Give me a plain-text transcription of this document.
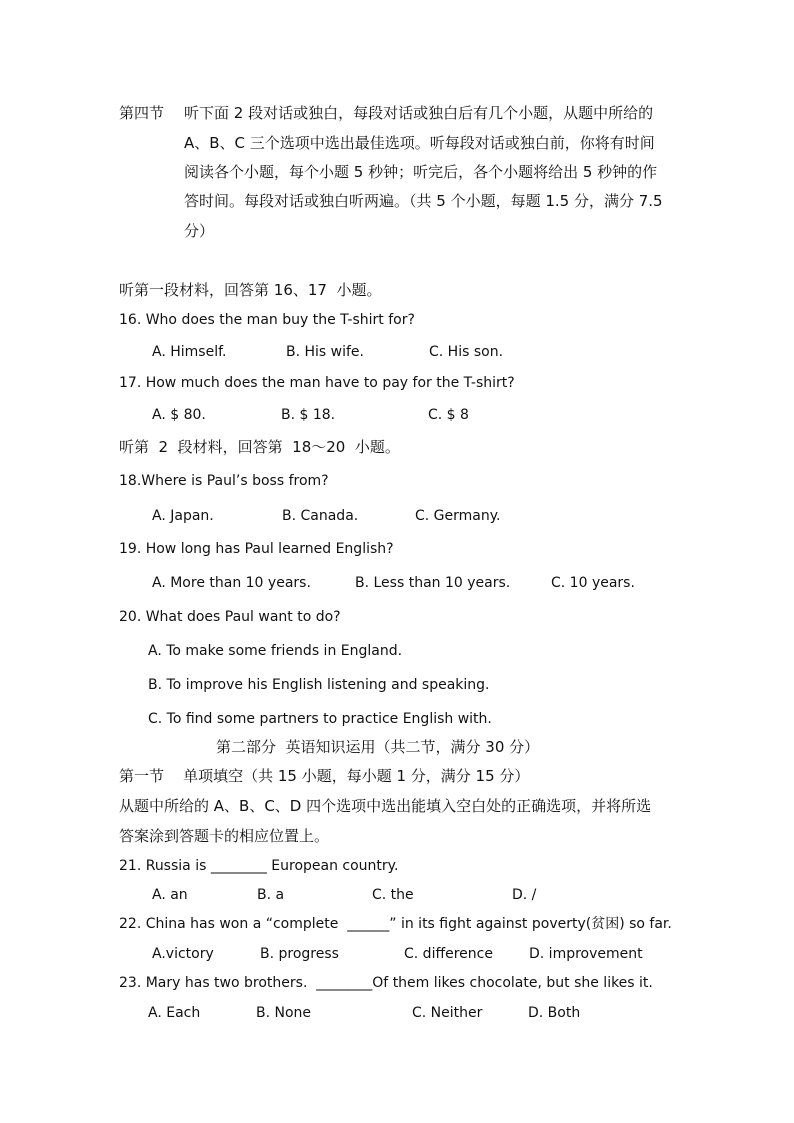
第四节 听下面 2 段对话或独白，每段对话或独白后有几个小题，从题中所给的
A、B、C 三个选项中选出最佳选项。听每段对话或独白前，你将有时间
阅读各个小题，每个小题 5 秒钟；听完后，各个小题将给出 5 秒钟的作
答时间。每段对话或独白听两遍。（共 5 个小题，每题 1.5 分，满分 7.5
分）
听第一段材料，回答第 16、17  小题。
16. Who does the man buy the T-shirt for?
A. Himself.	B. His wife.	C. His son.
17. How much does the man have to pay for the T-shirt?
A. $ 80.	B. $ 18.	C. $ 8
听第  2  段材料，回答第  18～20  小题。
18.Where is Paul’s boss from?
A. Japan.	B. Canada.	C. Germany.
19. How long has Paul learned English?
A. More than 10 years.	B. Less than 10 years.	C. 10 years.
20. What does Paul want to do?
A. To make some friends in England.
B. To improve his English listening and speaking.
C. To find some partners to practice English with.
第二部分  英语知识运用（共二节，满分 30 分）
第一节    单项填空（共 15 小题，每小题 1 分，满分 15 分）
从题中所给的 A、B、C、D 四个选项中选出能填入空白处的正确选项，并将所选
答案涂到答题卡的相应位置上。
21. Russia is ________ European country.
A. an	B. a	C. the	D. /
22. China has won a “complete  ______” in its fight against poverty(贫困) so far.
A.victory	B. progress	C. difference	D. improvement
23. Mary has two brothers.  ________Of them likes chocolate, but she likes it.
A. Each	B. None	C. Neither	D. Both
